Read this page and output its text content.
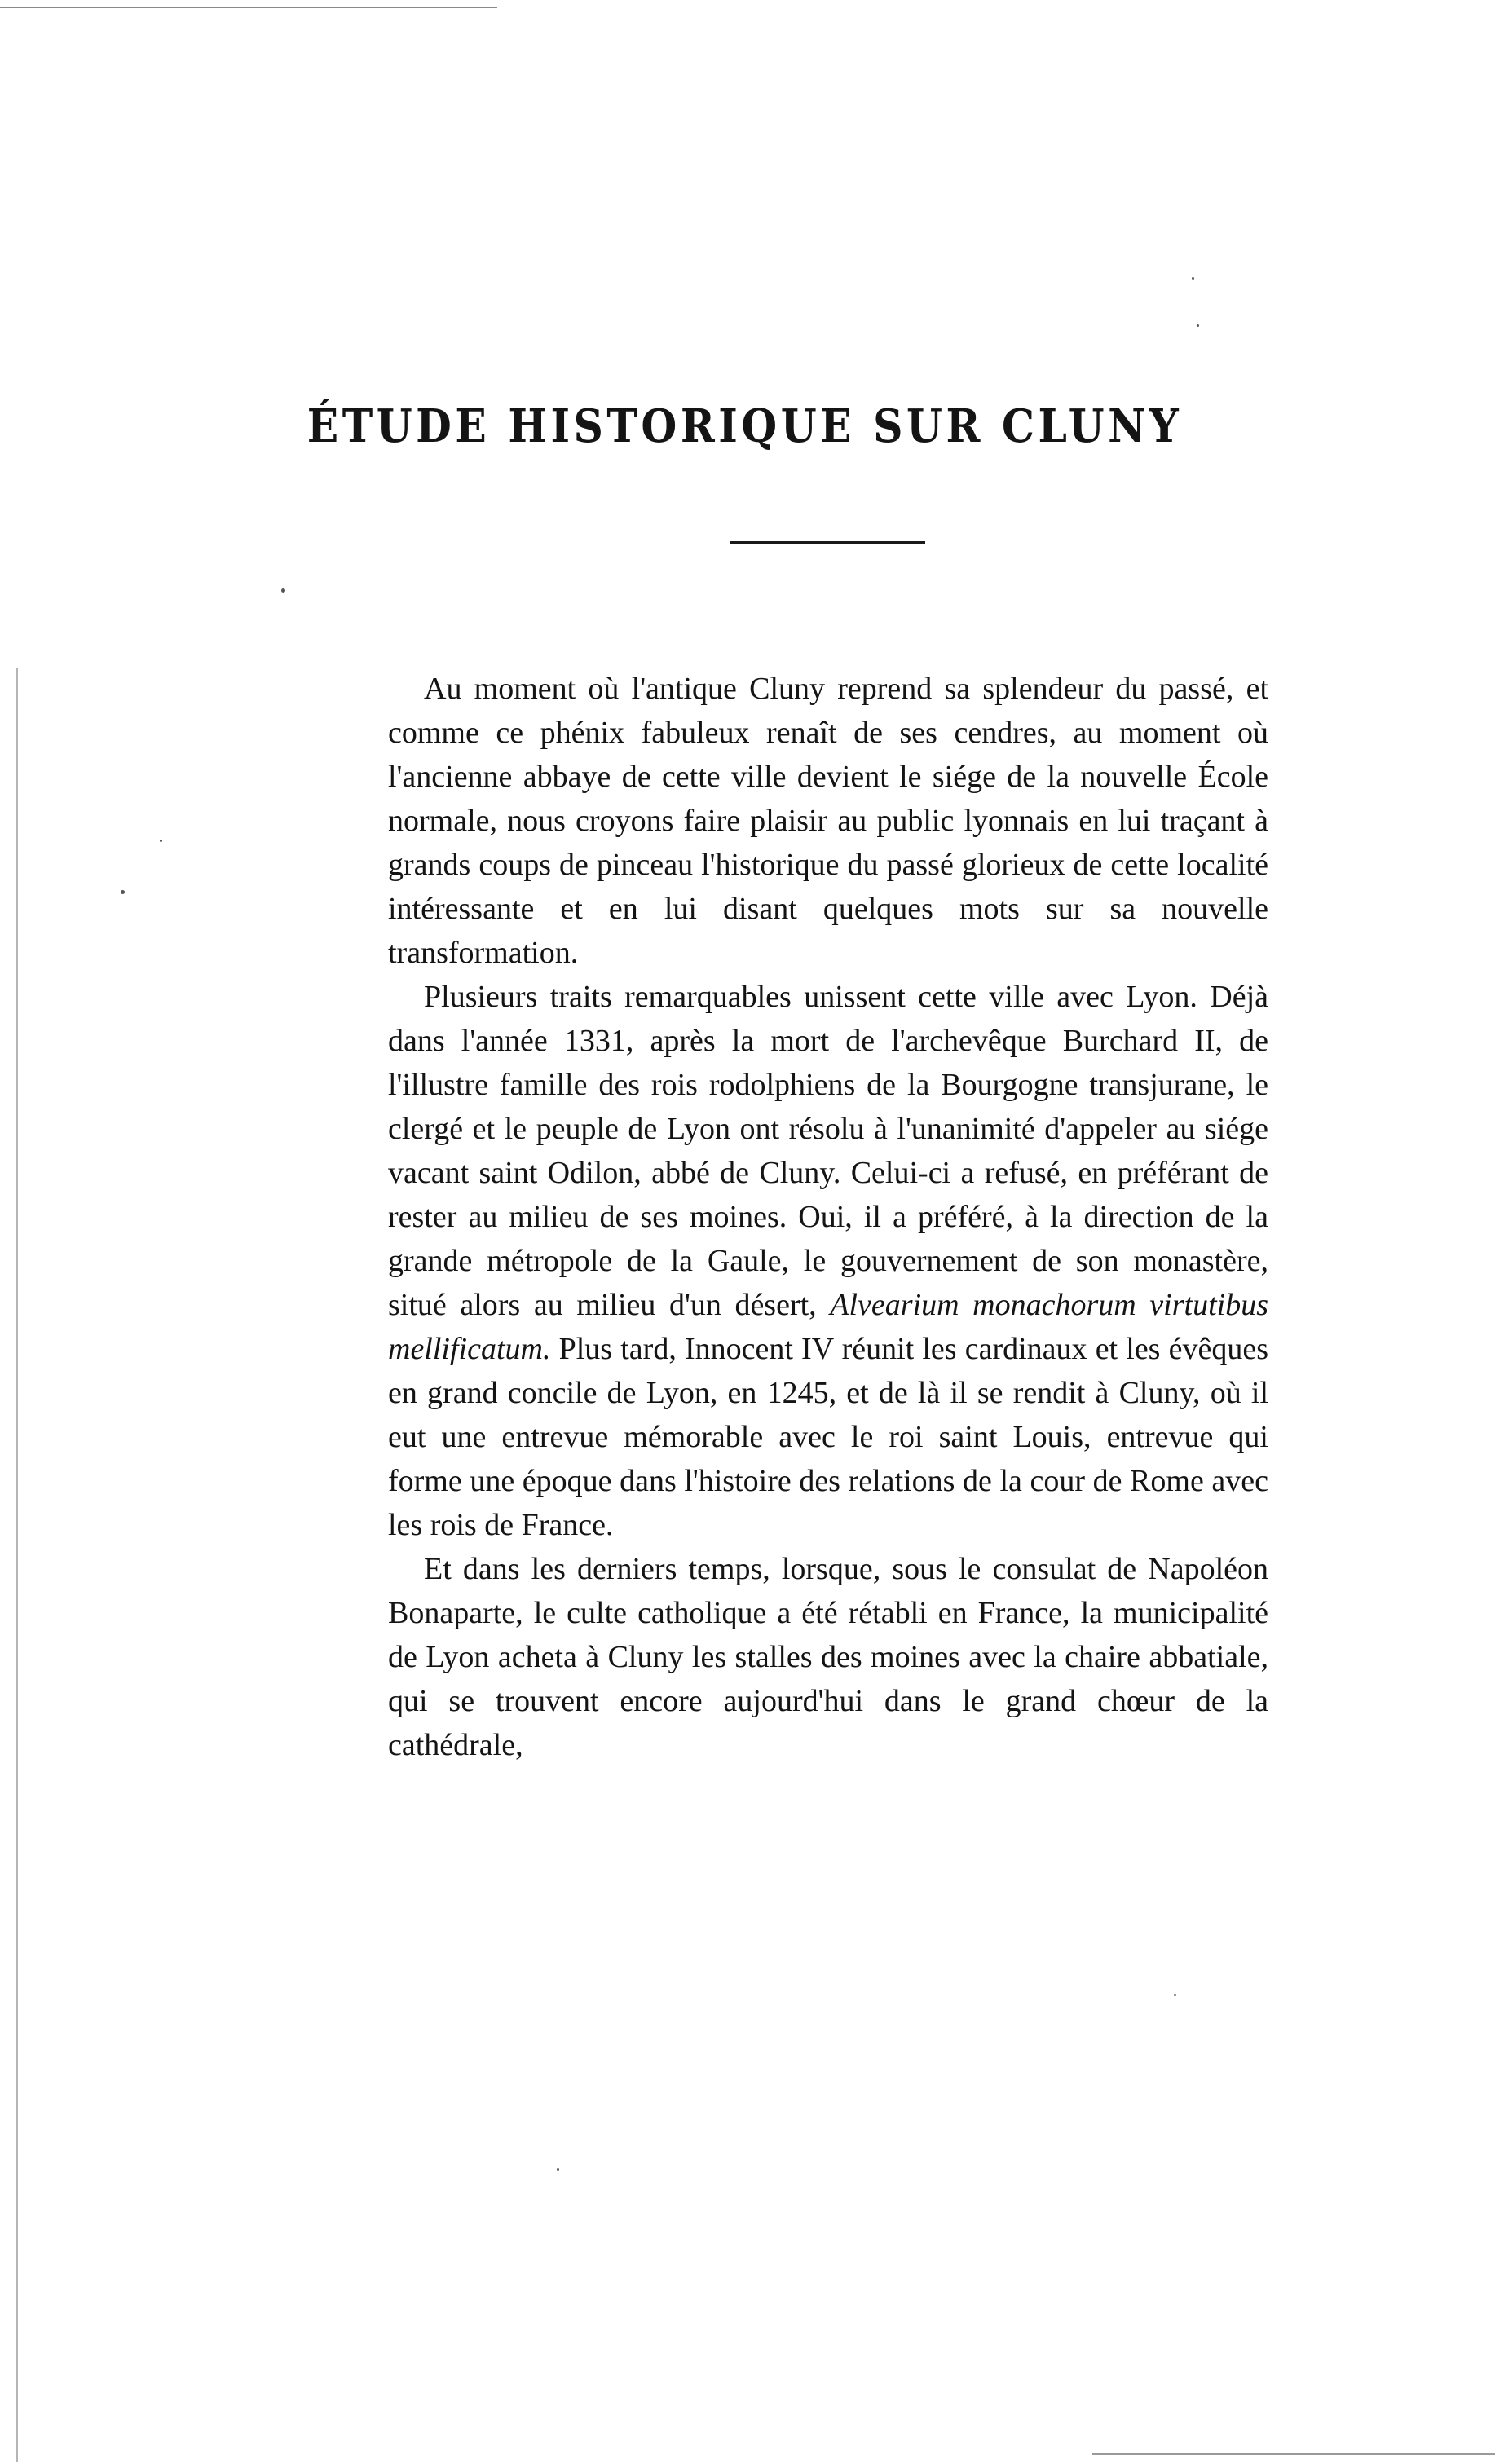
ÉTUDE HISTORIQUE SUR CLUNY

Au moment où l'antique Cluny reprend sa splendeur du passé, et comme ce phénix fabuleux renaît de ses cendres, au moment où l'ancienne abbaye de cette ville devient le siége de la nouvelle École normale, nous croyons faire plaisir au public lyonnais en lui traçant à grands coups de pinceau l'historique du passé glorieux de cette localité intéressante et en lui disant quelques mots sur sa nouvelle transformation.

Plusieurs traits remarquables unissent cette ville avec Lyon. Déjà dans l'année 1331, après la mort de l'archevêque Burchard II, de l'illustre famille des rois rodolphiens de la Bourgogne transjurane, le clergé et le peuple de Lyon ont résolu à l'unanimité d'appeler au siége vacant saint Odilon, abbé de Cluny. Celui-ci a refusé, en préférant de rester au milieu de ses moines. Oui, il a préféré, à la direction de la grande métropole de la Gaule, le gouvernement de son monastère, situé alors au milieu d'un désert, Alvearium monachorum virtutibus mellificatum. Plus tard, Innocent IV réunit les cardinaux et les évêques en grand concile de Lyon, en 1245, et de là il se rendit à Cluny, où il eut une entrevue mémorable avec le roi saint Louis, entrevue qui forme une époque dans l'histoire des relations de la cour de Rome avec les rois de France.

Et dans les derniers temps, lorsque, sous le consulat de Napoléon Bonaparte, le culte catholique a été rétabli en France, la municipalité de Lyon acheta à Cluny les stalles des moines avec la chaire abbatiale, qui se trouvent encore aujourd'hui dans le grand chœur de la cathédrale,
